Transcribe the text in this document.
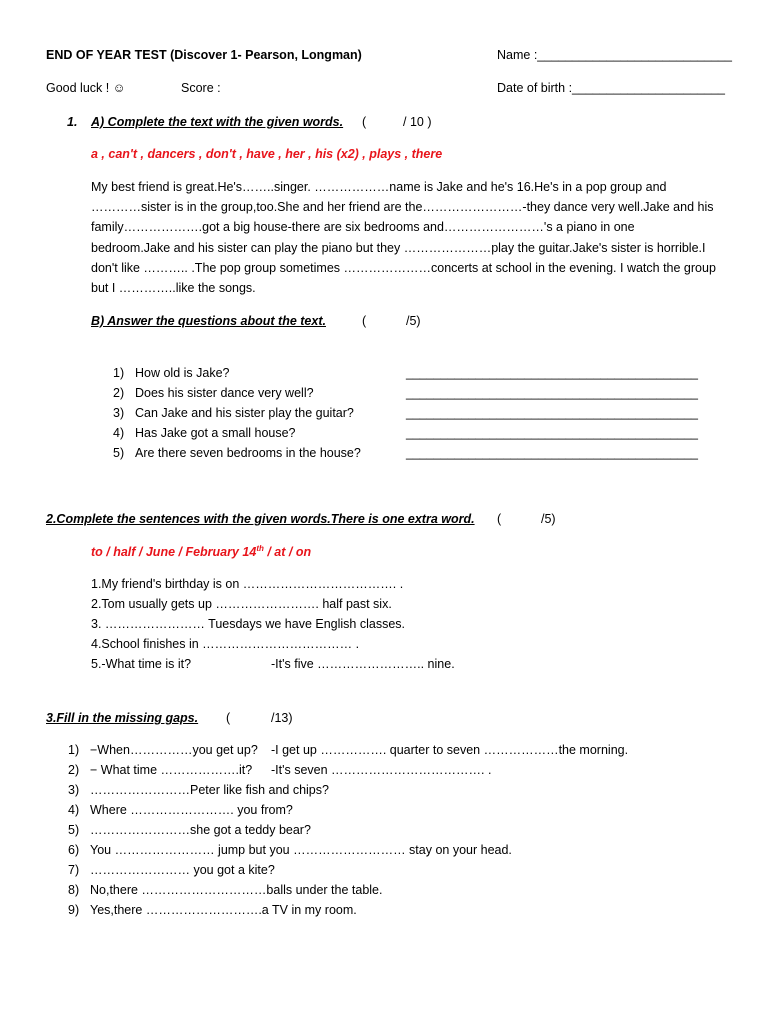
END OF YEAR TEST (Discover 1- Pearson, Longman)	Name :____________________________
Good luck ! ☺	Score :	Date of birth :______________________
1. A) Complete the text with the given words. (	/ 10 )
a , can't , dancers , don't , have , her , his (x2) , plays , there
My best friend is great.He's……..singer. ………………name is Jake and he's 16.He's in a pop group and …………sister is in the group,too.She and her friend are the……………………-they dance very well.Jake and his family……………….got a big house-there are six bedrooms and……………………'s a piano in one bedroom.Jake and his sister can play the piano but they …………………play the guitar.Jake's sister is horrible.I don't like ……….. .The pop group sometimes …………………concerts at school in the evening. I watch the group but I …………..like the songs.
B) Answer the questions about the text.	(	/5)
1) How old is Jake?	__________________________________________
2) Does his sister dance very well?	__________________________________________
3) Can Jake and his sister play the guitar?	__________________________________________
4) Has Jake got a small house?	__________________________________________
5) Are there seven bedrooms in the house?	__________________________________________
2.Complete the sentences with the given words.There is one extra word. (	/5)
to / half / June / February 14th / at / on
1.My friend's birthday is on ………………………………. .
2.Tom usually gets up ……………………. half past six.
3. …………………… Tuesdays we have English classes.
4.School finishes in ……………………………… .
5.-What time is it?	-It's five …………………….. nine.
3.Fill in the missing gaps. (	/13)
1) −When……………you get up? -I get up ……………. quarter to seven ………………the morning.
2) − What time ……………….it? -It's seven ………………………………. .
3) ……………………Peter like fish and chips?
4) Where ……………………. you from?
5) ……………………she got a teddy bear?
6) You …………………… jump but you ……………………… stay on your head.
7) …………………… you got a kite?
8) No,there …………………………balls under the table.
9) Yes,there ……………………….a TV in my room.
